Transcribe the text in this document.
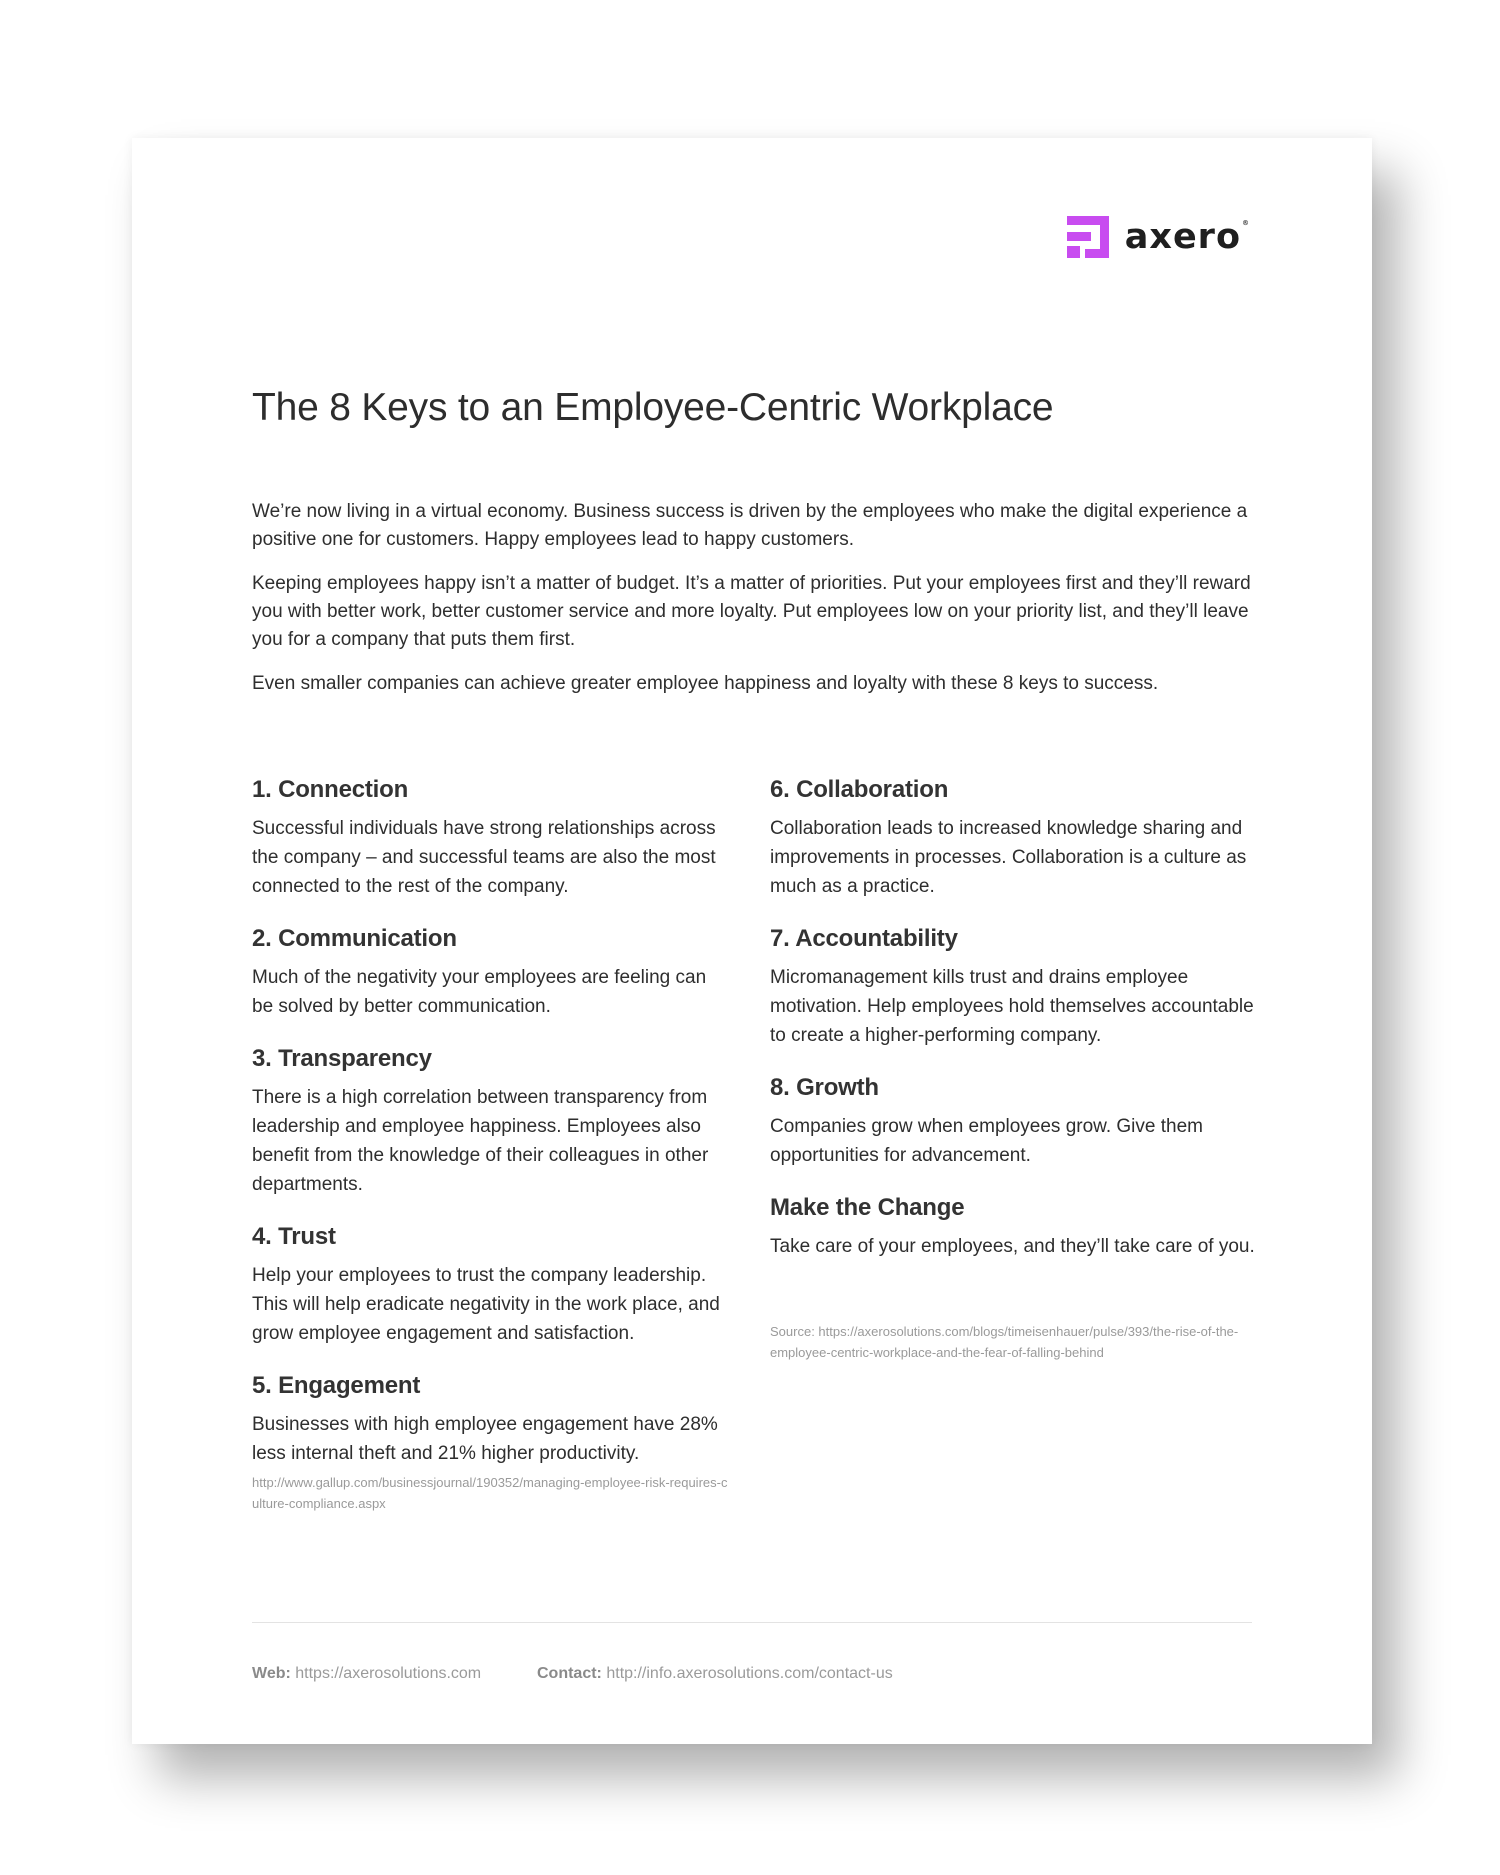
axero®
The 8 Keys to an Employee-Centric Workplace

We’re now living in a virtual economy. Business success is driven by the employees who make the digital experience a positive one for customers. Happy employees lead to happy customers.

Keeping employees happy isn’t a matter of budget. It’s a matter of priorities. Put your employees first and they’ll reward you with better work, better customer service and more loyalty. Put employees low on your priority list, and they’ll leave you for a company that puts them first.

Even smaller companies can achieve greater employee happiness and loyalty with these 8 keys to success.

1. Connection

Successful individuals have strong relationships across the company – and successful teams are also the most connected to the rest of the company.

2. Communication

Much of the negativity your employees are feeling can be solved by better communication.

3. Transparency

There is a high correlation between transparency from leadership and employee happiness. Employees also benefit from the knowledge of their colleagues in other departments.

4. Trust

Help your employees to trust the company leadership. This will help eradicate negativity in the work place, and grow employee engagement and satisfaction.

5. Engagement

Businesses with high employee engagement have 28% less internal theft and 21% higher productivity.

http://www.gallup.com/businessjournal/190352/managing-employee-risk-requires-culture-compliance.aspx
6. Collaboration

Collaboration leads to increased knowledge sharing and improvements in processes. Collaboration is a culture as much as a practice.

7. Accountability

Micromanagement kills trust and drains employee motivation. Help employees hold themselves accountable to create a higher-performing company.

8. Growth

Companies grow when employees grow. Give them opportunities for advancement.

Make the Change

Take care of your employees, and they’ll take care of you.

Source: https://axerosolutions.com/blogs/timeisenhauer/pulse/393/the-rise-of-the-employee-centric-workplace-and-the-fear-of-falling-behind
Web: https://axerosolutions.com	Contact: http://info.axerosolutions.com/contact-us
